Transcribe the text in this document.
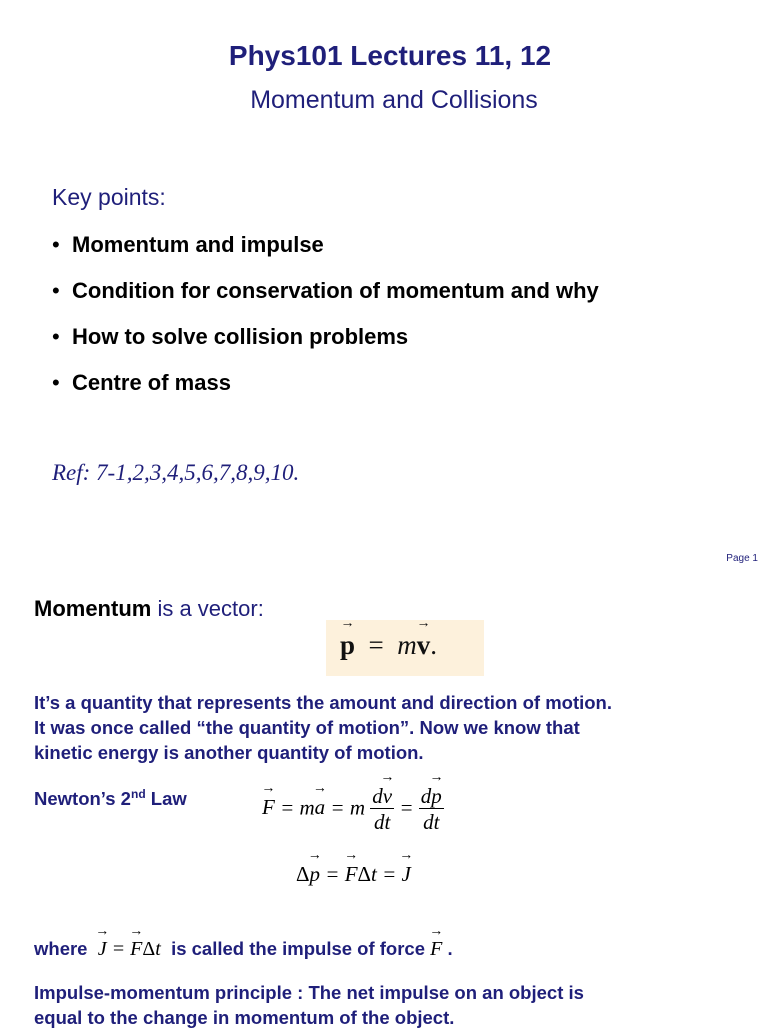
Phys101 Lectures 11, 12
Momentum and Collisions
Key points:
• Momentum and impulse
• Condition for conservation of momentum and why
• How to solve collision problems
• Centre of mass
Ref: 7-1,2,3,4,5,6,7,8,9,10.
Page 1
Momentum is a vector:
→ p  =  m→ v.
It’s a quantity that represents the amount and direction of motion.
It was once called “the quantity of motion”. Now we know that
kinetic energy is another quantity of motion.
Newton’s 2nd Law	→ F = m→ a = m $\frac{d\to v}{dt} = \frac{d\to p}{dt}$
Δ→ p = → FΔt = → J
where → J = → FΔt is called the impulse of force → F .
Impulse-momentum principle : The net impulse on an object is
equal to the change in momentum of the object.
